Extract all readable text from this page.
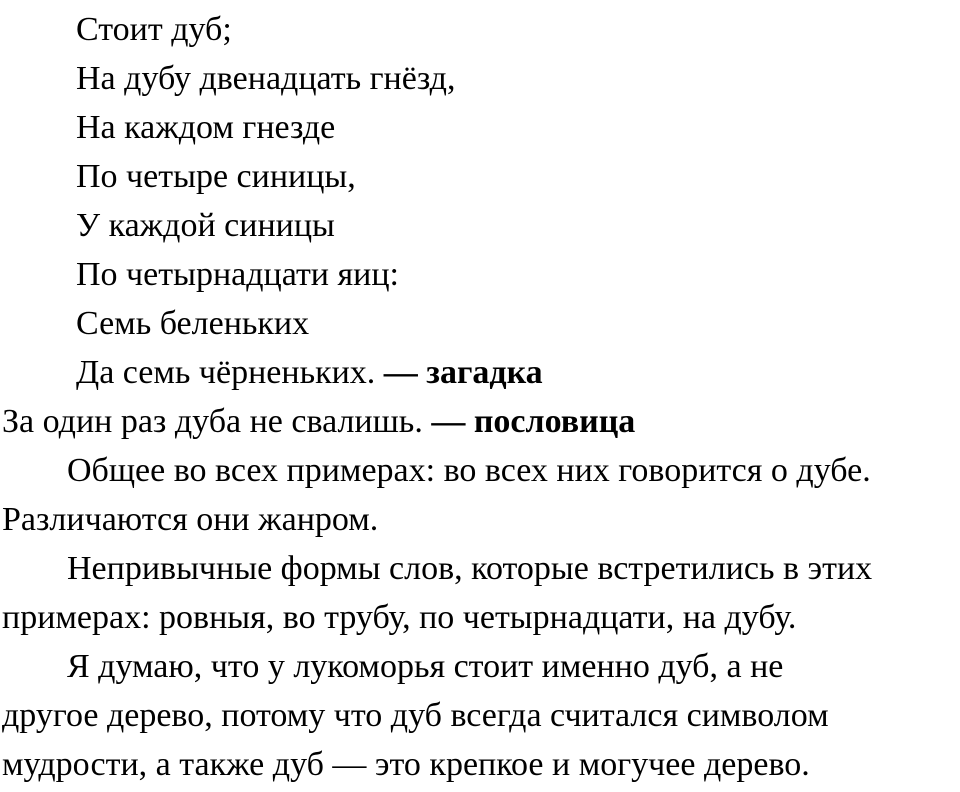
Стоит дуб;
На дубу двенадцать гнёзд,
На каждом гнезде
По четыре синицы,
У каждой синицы
По четырнадцати яиц:
Семь беленьких
Да семь чёрненьких. — загадка
За один раз дуба не свалишь. — пословица
Общее во всех примерах: во всех них говорится о дубе.
Различаются они жанром.
Непривычные формы слов, которые встретились в этих
примерах: ровныя, во трубу, по четырнадцати, на дубу.
Я думаю, что у лукоморья стоит именно дуб, а не
другое дерево, потому что дуб всегда считался символом
мудрости, а также дуб — это крепкое и могучее дерево.
